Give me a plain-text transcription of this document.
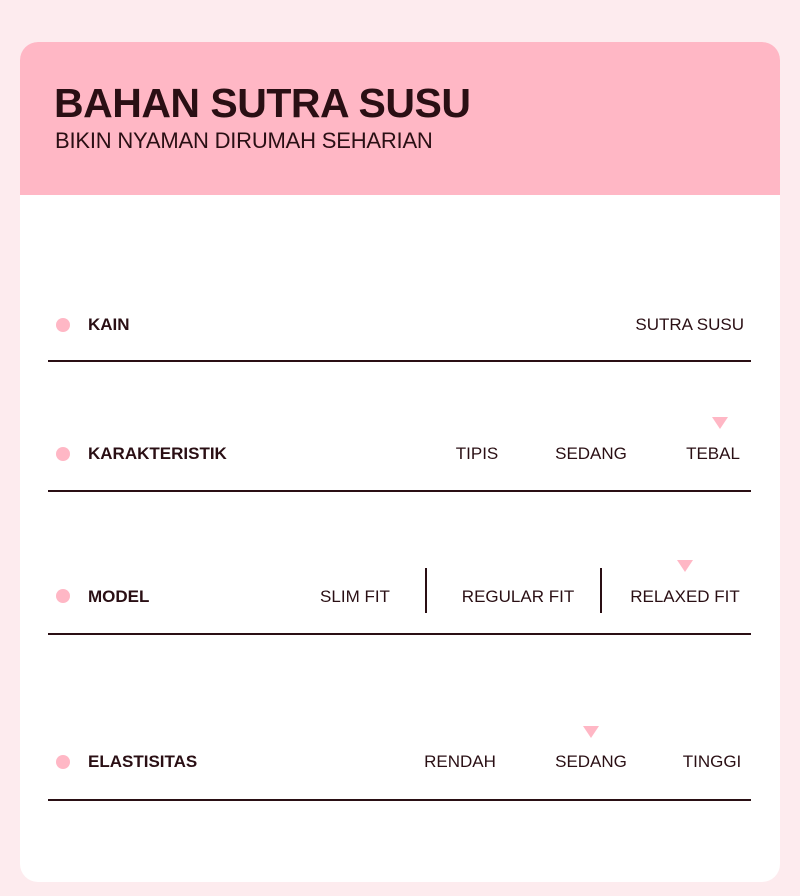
BAHAN SUTRA SUSU

BIKIN NYAMAN DIRUMAH SEHARIAN

KAIN	SUTRA SUSU
KARAKTERISTIK	TIPIS	SEDANG	TEBAL
MODEL	SLIM FIT	REGULAR FIT	RELAXED FIT
ELASTISITAS	RENDAH	SEDANG	TINGGI
